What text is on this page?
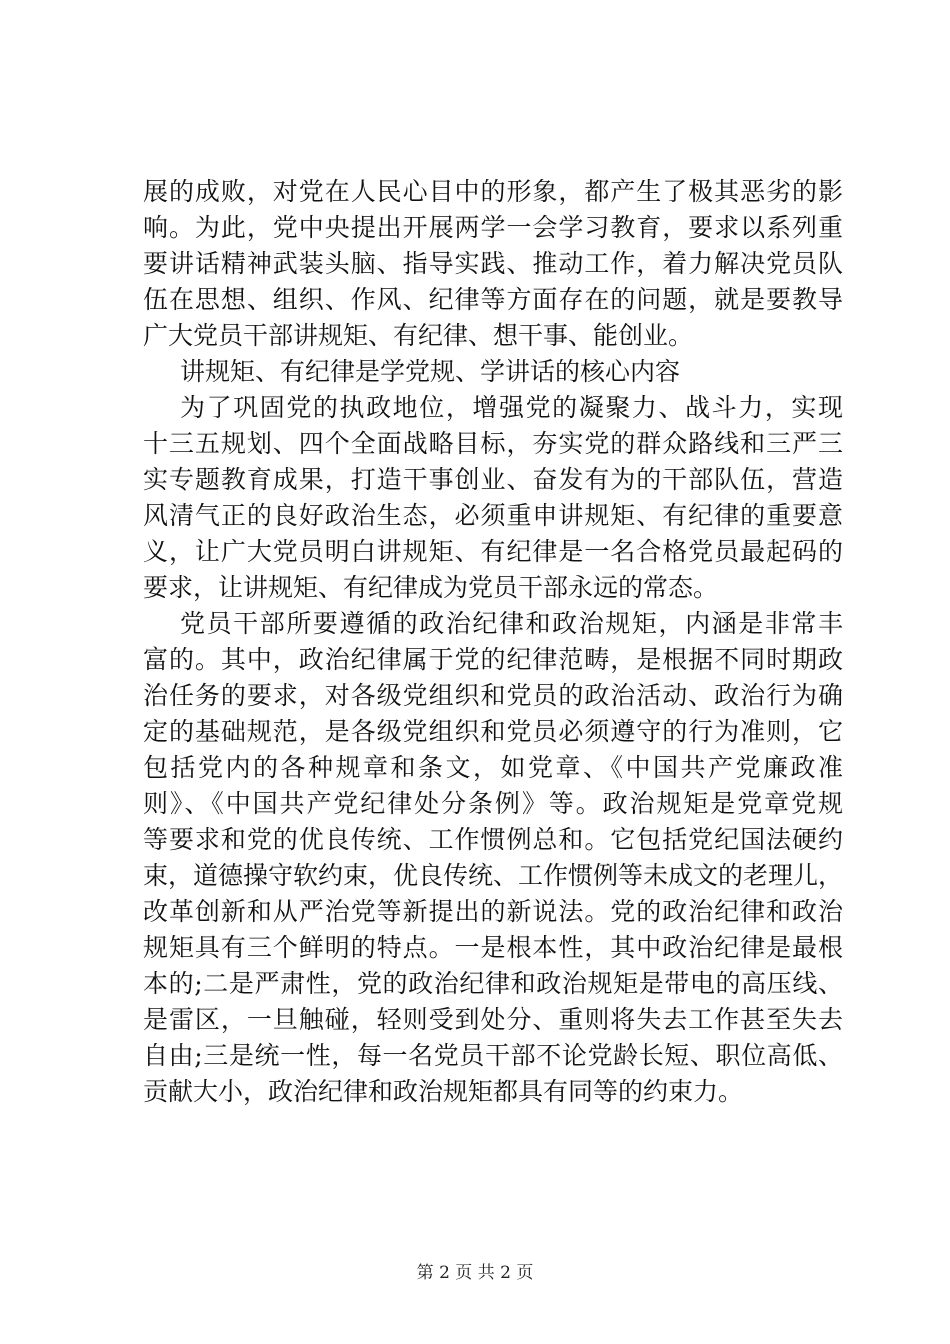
展的成败，对党在人民心目中的形象，都产生了极其恶劣的影
响。为此，党中央提出开展两学一会学习教育，要求以系列重
要讲话精神武装头脑、指导实践、推动工作，着力解决党员队
伍在思想、组织、作风、纪律等方面存在的问题，就是要教导
广大党员干部讲规矩、有纪律、想干事、能创业。
讲规矩、有纪律是学党规、学讲话的核心内容
为了巩固党的执政地位，增强党的凝聚力、战斗力，实现
十三五规划、四个全面战略目标，夯实党的群众路线和三严三
实专题教育成果，打造干事创业、奋发有为的干部队伍，营造
风清气正的良好政治生态，必须重申讲规矩、有纪律的重要意
义，让广大党员明白讲规矩、有纪律是一名合格党员最起码的
要求，让讲规矩、有纪律成为党员干部永远的常态。
党员干部所要遵循的政治纪律和政治规矩，内涵是非常丰
富的。其中，政治纪律属于党的纪律范畴，是根据不同时期政
治任务的要求，对各级党组织和党员的政治活动、政治行为确
定的基础规范，是各级党组织和党员必须遵守的行为准则，它
包括党内的各种规章和条文，如党章、《中国共产党廉政准
则》、《中国共产党纪律处分条例》等。政治规矩是党章党规
等要求和党的优良传统、工作惯例总和。它包括党纪国法硬约
束，道德操守软约束，优良传统、工作惯例等未成文的老理儿，
改革创新和从严治党等新提出的新说法。党的政治纪律和政治
规矩具有三个鲜明的特点。一是根本性，其中政治纪律是最根
本的;二是严肃性，党的政治纪律和政治规矩是带电的高压线、
是雷区，一旦触碰，轻则受到处分、重则将失去工作甚至失去
自由;三是统一性，每一名党员干部不论党龄长短、职位高低、
贡献大小，政治纪律和政治规矩都具有同等的约束力。
第 2 页 共 2 页
